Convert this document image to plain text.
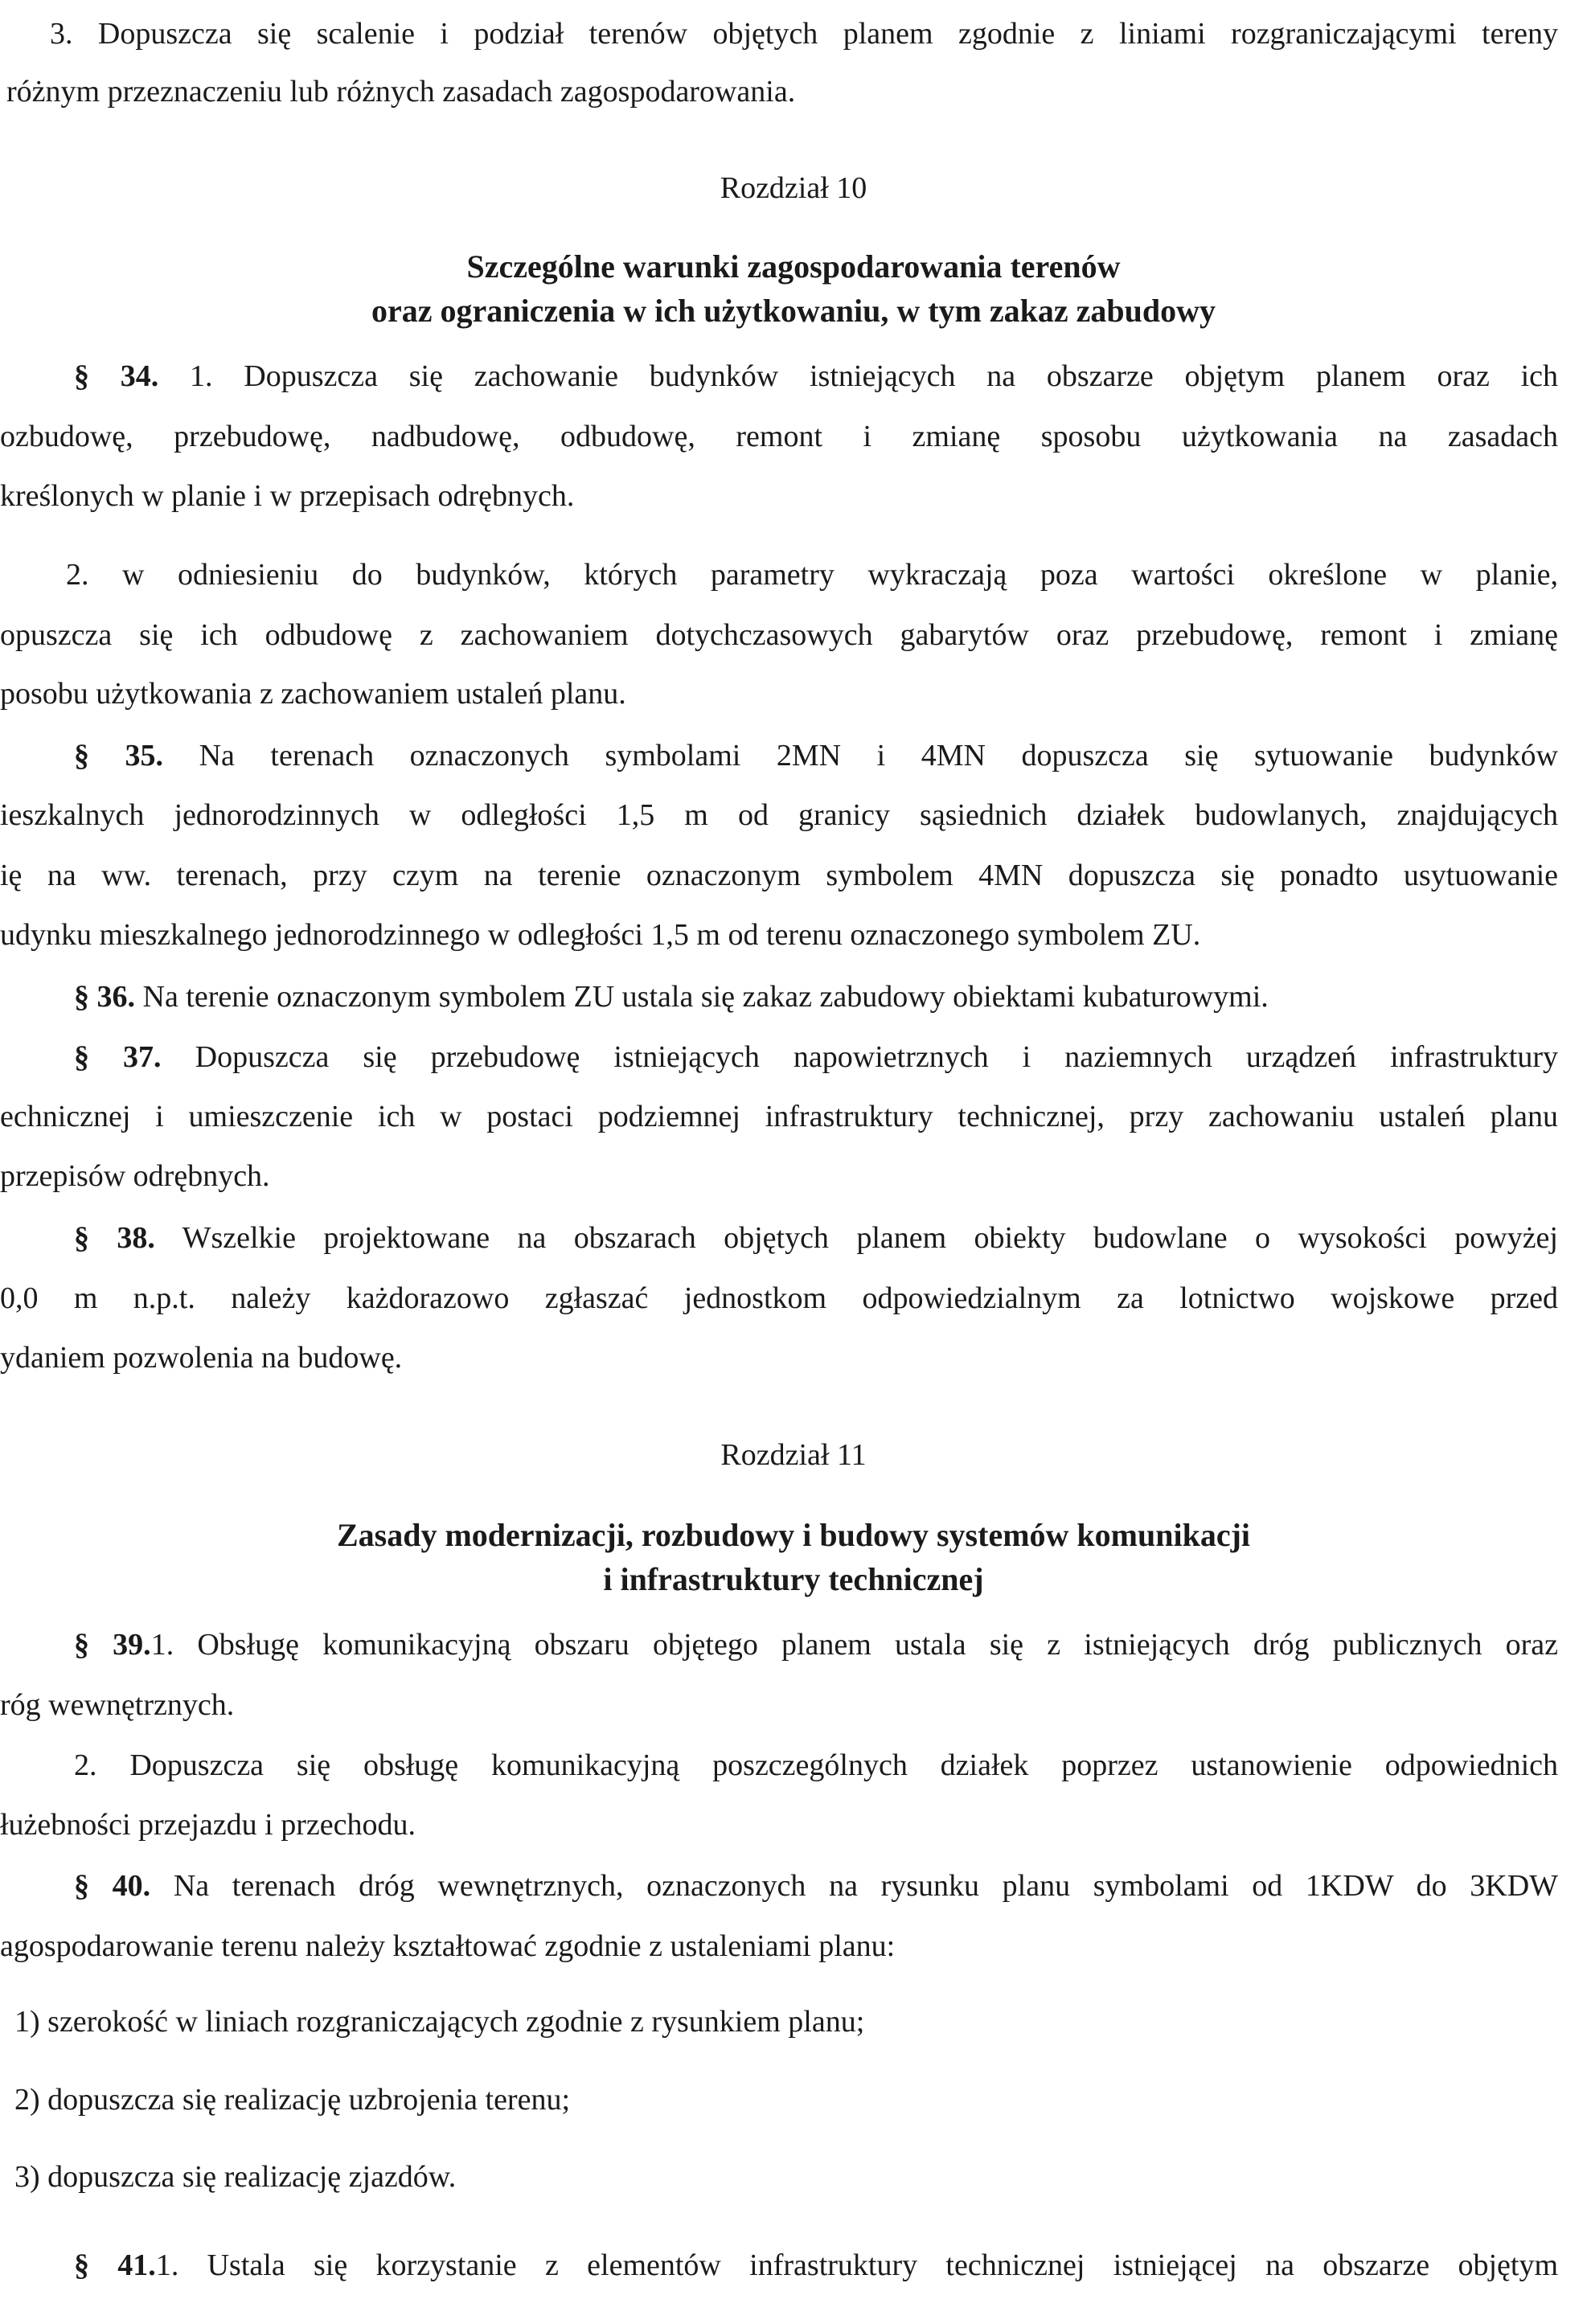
3. Dopuszcza się scalenie i podział terenów objętych planem zgodnie z liniami rozgraniczającymi tereny
różnym przeznaczeniu lub różnych zasadach zagospodarowania.
Rozdział 10
Szczególne warunki zagospodarowania terenów
oraz ograniczenia w ich użytkowaniu, w tym zakaz zabudowy
§ 34. 1. Dopuszcza się zachowanie budynków istniejących na obszarze objętym planem oraz ich
ozbudowę, przebudowę, nadbudowę, odbudowę, remont i zmianę sposobu użytkowania na zasadach
kreślonych w planie i w przepisach odrębnych.
2. w odniesieniu do budynków, których parametry wykraczają poza wartości określone w planie,
opuszcza się ich odbudowę z zachowaniem dotychczasowych gabarytów oraz przebudowę, remont i zmianę
posobu użytkowania z zachowaniem ustaleń planu.
§ 35. Na terenach oznaczonych symbolami 2MN i 4MN dopuszcza się sytuowanie budynków
ieszkalnych jednorodzinnych w odległości 1,5 m od granicy sąsiednich działek budowlanych, znajdujących
ię na ww. terenach, przy czym na terenie oznaczonym symbolem 4MN dopuszcza się ponadto usytuowanie
udynku mieszkalnego jednorodzinnego w odległości 1,5 m od terenu oznaczonego symbolem ZU.
§ 36. Na terenie oznaczonym symbolem ZU ustala się zakaz zabudowy obiektami kubaturowymi.
§ 37. Dopuszcza się przebudowę istniejących napowietrznych i naziemnych urządzeń infrastruktury
echnicznej i umieszczenie ich w postaci podziemnej infrastruktury technicznej, przy zachowaniu ustaleń planu
przepisów odrębnych.
§ 38. Wszelkie projektowane na obszarach objętych planem obiekty budowlane o wysokości powyżej
0,0 m n.p.t. należy każdorazowo zgłaszać jednostkom odpowiedzialnym za lotnictwo wojskowe przed
ydaniem pozwolenia na budowę.
Rozdział 11
Zasady modernizacji, rozbudowy i budowy systemów komunikacji
i infrastruktury technicznej
§ 39.1. Obsługę komunikacyjną obszaru objętego planem ustala się z istniejących dróg publicznych oraz
róg wewnętrznych.
2. Dopuszcza się obsługę komunikacyjną poszczególnych działek poprzez ustanowienie odpowiednich
łużebności przejazdu i przechodu.
§ 40. Na terenach dróg wewnętrznych, oznaczonych na rysunku planu symbolami od 1KDW do 3KDW
agospodarowanie terenu należy kształtować zgodnie z ustaleniami planu:
1) szerokość w liniach rozgraniczających zgodnie z rysunkiem planu;
2) dopuszcza się realizację uzbrojenia terenu;
3) dopuszcza się realizację zjazdów.
§ 41.1. Ustala się korzystanie z elementów infrastruktury technicznej istniejącej na obszarze objętym
